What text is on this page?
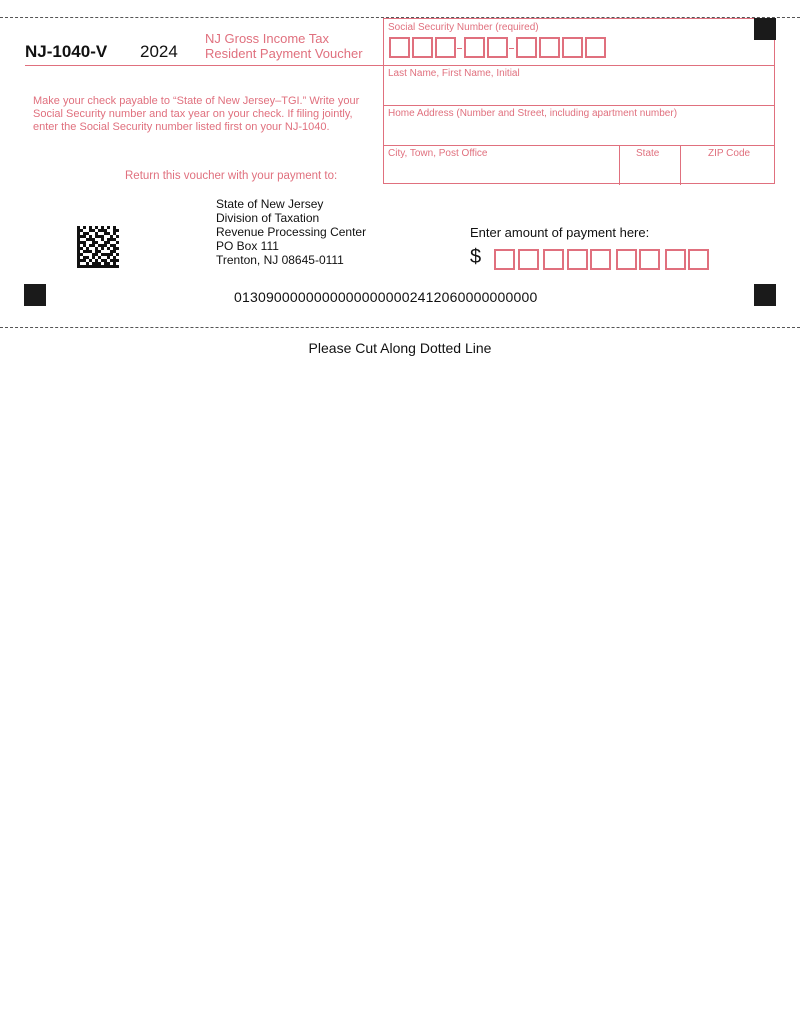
NJ-1040-V 2024
NJ Gross Income Tax
Resident Payment Voucher
Make your check payable to “State of New Jersey–TGI.” Write your Social Security number and tax year on your check. If filing jointly, enter the Social Security number listed first on your NJ-1040.
Return this voucher with your payment to:
State of New Jersey
Division of Taxation
Revenue Processing Center
PO Box 111
Trenton, NJ 08645-0111
Social Security Number (required)
Last Name, First Name, Initial
Home Address (Number and Street, including apartment number)
City, Town, Post Office	State	ZIP Code
Enter amount of payment here:
$
01309000000000000000002412060000000000
Please Cut Along Dotted Line
